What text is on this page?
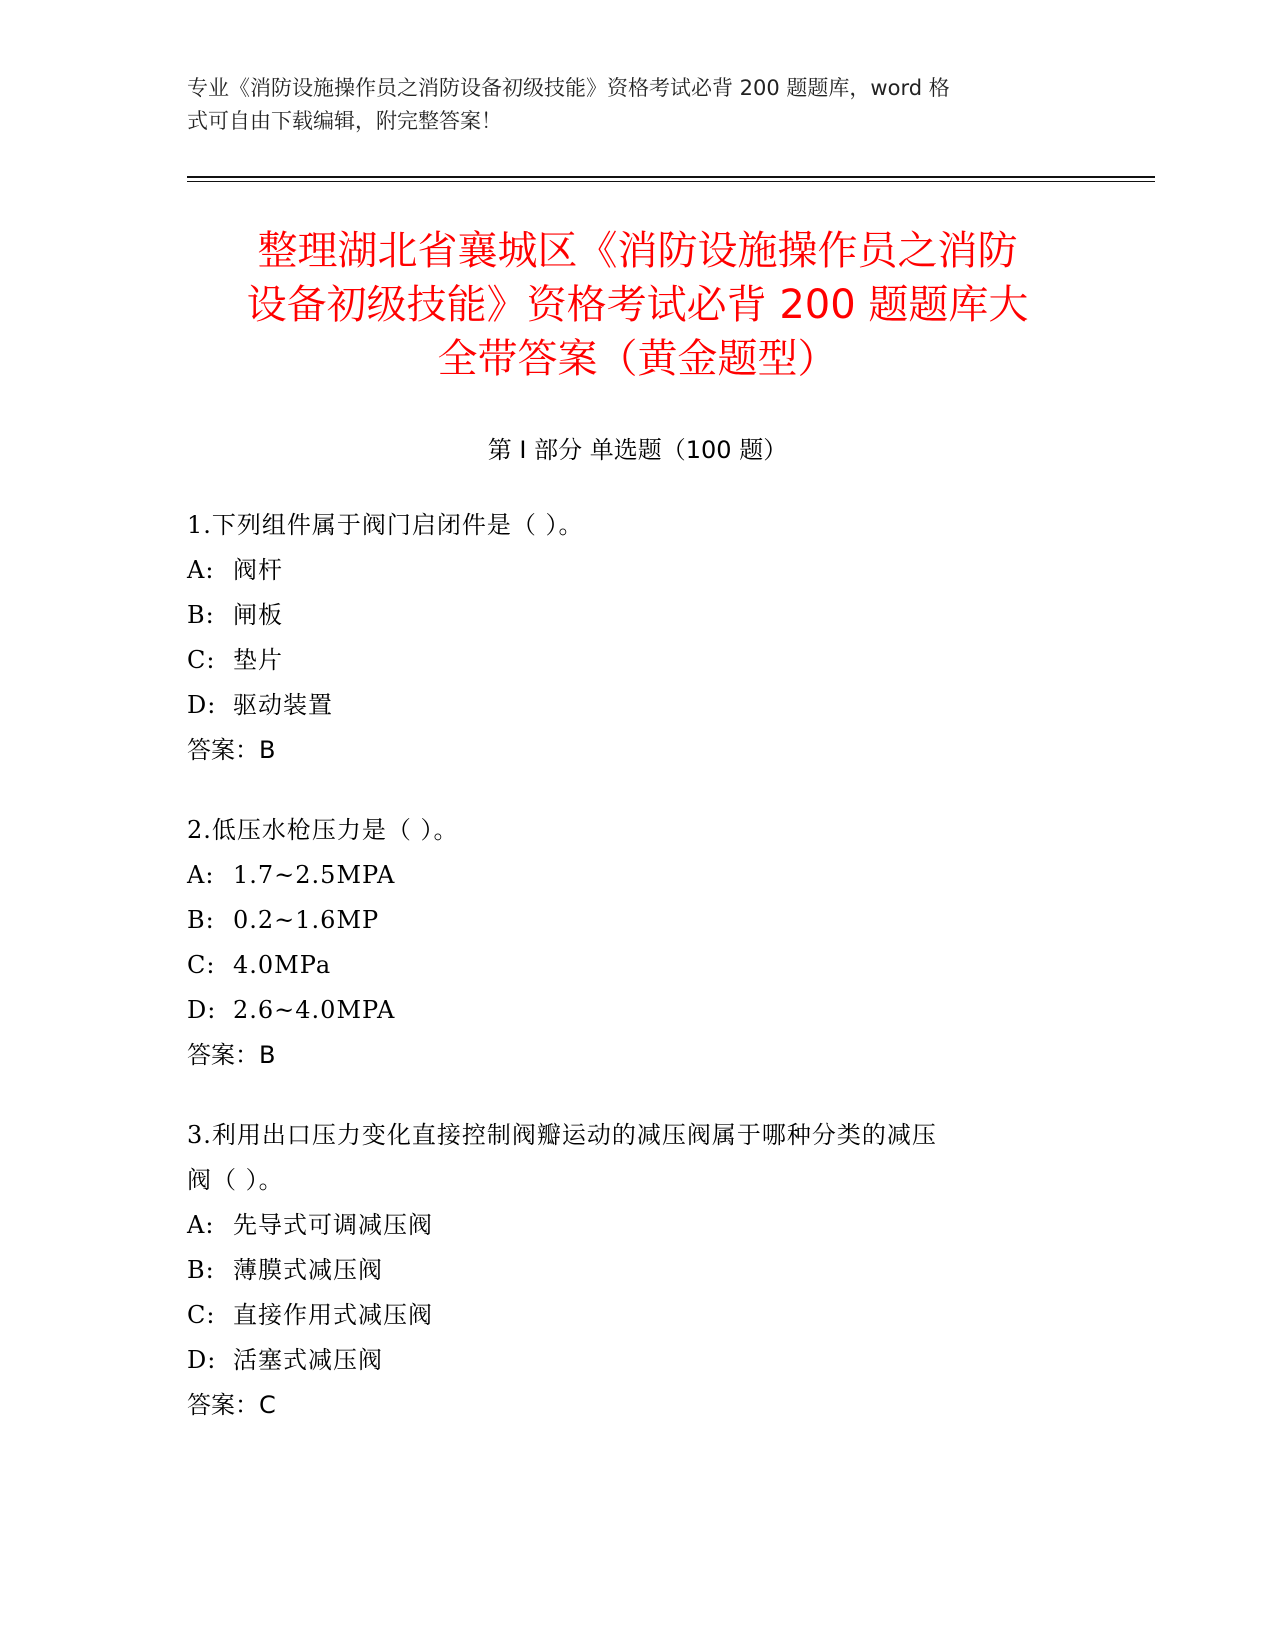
专业《消防设施操作员之消防设备初级技能》资格考试必背 200 题题库，word 格
式可自由下载编辑，附完整答案！
整理湖北省襄城区《消防设施操作员之消防
设备初级技能》资格考试必背 200 题题库大
全带答案（黄金题型）
第 I 部分 单选题（100 题）

1.下列组件属于阀门启闭件是（ ）。

A: 阀杆

B: 闸板

C: 垫片

D: 驱动装置

答案：B

2.低压水枪压力是（ ）。

A: 1.7~2.5MPA

B: 0.2~1.6MP

C: 4.0MPa

D: 2.6~4.0MPA

答案：B

3.利用出口压力变化直接控制阀瓣运动的减压阀属于哪种分类的减压

阀（ ）。

A: 先导式可调减压阀

B: 薄膜式减压阀

C: 直接作用式减压阀

D: 活塞式减压阀

答案：C
